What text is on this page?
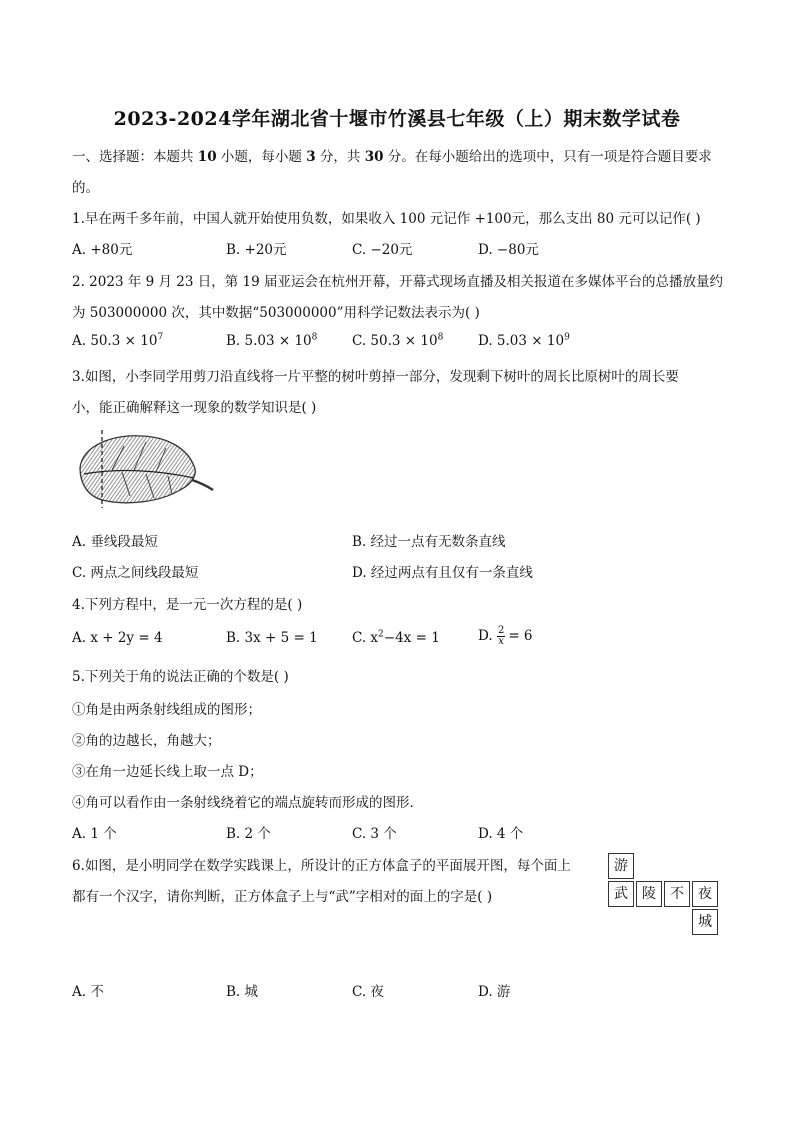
2023-2024学年湖北省十堰市竹溪县七年级（上）期末数学试卷
一、选择题：本题共 10 小题，每小题 3 分，共 30 分。在每小题给出的选项中，只有一项是符合题目要求
的。
1.早在两千多年前，中国人就开始使用负数，如果收入 100 元记作 +100元，那么支出 80 元可以记作( )
A. +80元	B. +20元	C. −20元	D. −80元
2. 2023 年 9 月 23 日，第 19 届亚运会在杭州开幕，开幕式现场直播及相关报道在多媒体平台的总播放量约
为 503000000 次，其中数据“503000000”用科学记数法表示为( )
A. $50.3 \times 10^7$	B. $5.03 \times 10^8$	C. $50.3 \times 10^8$	D. $5.03 \times 10^9$
3.如图，小李同学用剪刀沿直线将一片平整的树叶剪掉一部分，发现剩下树叶的周长比原树叶的周长要
小，能正确解释这一现象的数学知识是( )
A. 垂线段最短	B. 经过一点有无数条直线
C. 两点之间线段最短	D. 经过两点有且仅有一条直线
4.下列方程中，是一元一次方程的是( )
A. x + 2y = 4	B. 3x + 5 = 1	C. $x^2-4x = 1$	D. $\frac{2}{x} = 6$
5.下列关于角的说法正确的个数是( )
①角是由两条射线组成的图形；
②角的边越长，角越大；
③在角一边延长线上取一点 D；
④角可以看作由一条射线绕着它的端点旋转而形成的图形．
A. 1 个	B. 2 个	C. 3 个	D. 4 个
6.如图，是小明同学在数学实践课上，所设计的正方体盒子的平面展开图，每个面上
都有一个汉字，请你判断，正方体盒子上与“武”字相对的面上的字是( )
游
武	陵	不	夜
城
A. 不	B. 城	C. 夜	D. 游
